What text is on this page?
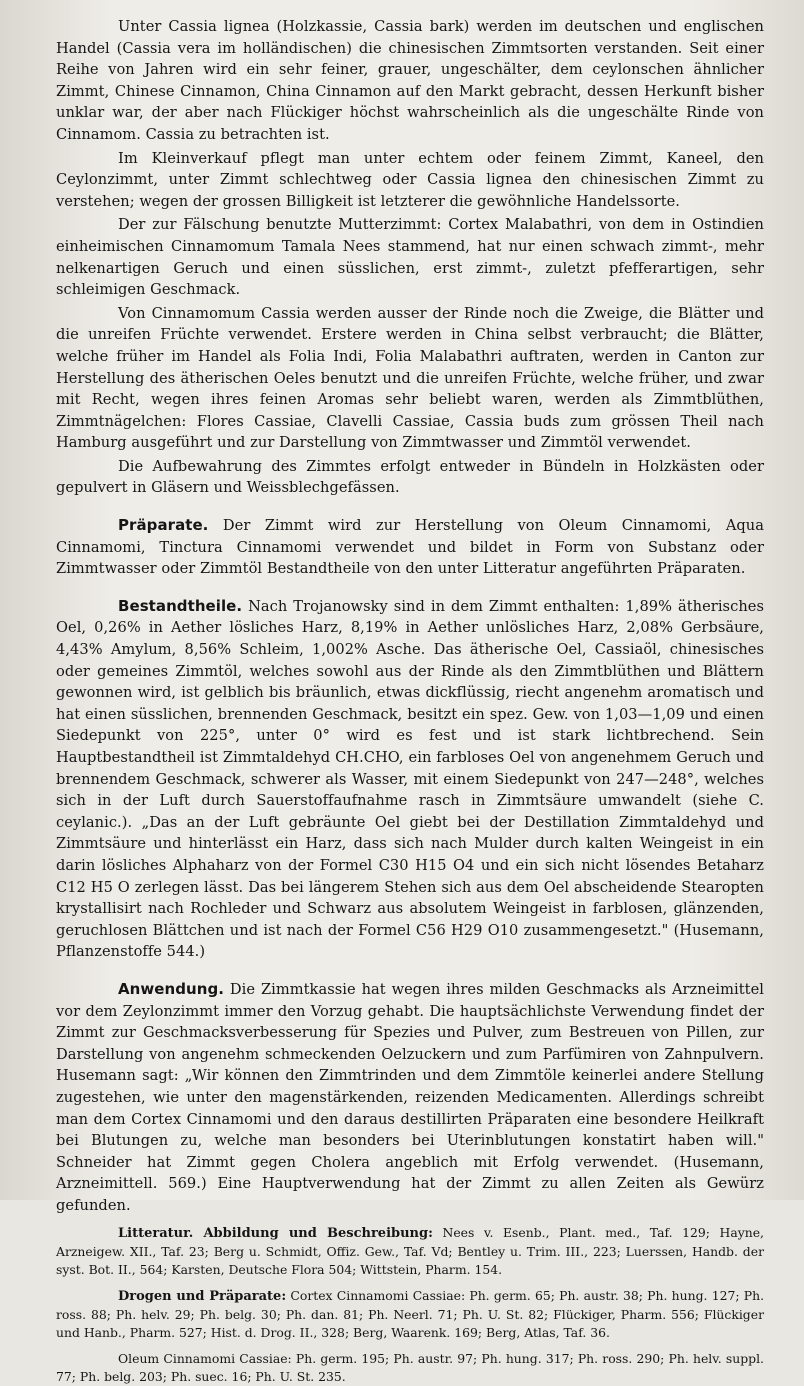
Unter Cassia lignea (Holzkassie, Cassia bark) werden im deutschen und englischen Handel (Cassia vera im holländischen) die chinesischen Zimmtsorten verstanden. Seit einer Reihe von Jahren wird ein sehr feiner, grauer, ungeschälter, dem ceylonschen ähnlicher Zimmt, Chinese Cinnamon, China Cinnamon auf den Markt gebracht, dessen Herkunft bisher unklar war, der aber nach Flückiger höchst wahrscheinlich als die ungeschälte Rinde von Cinnamom. Cassia zu betrachten ist.

Im Kleinverkauf pflegt man unter echtem oder feinem Zimmt, Kaneel, den Ceylonzimmt, unter Zimmt schlechtweg oder Cassia lignea den chinesischen Zimmt zu verstehen; wegen der grossen Billigkeit ist letzterer die gewöhnliche Handelssorte.

Der zur Fälschung benutzte Mutterzimmt: Cortex Malabathri, von dem in Ostindien einheimischen Cinnamomum Tamala Nees stammend, hat nur einen schwach zimmt-, mehr nelkenartigen Geruch und einen süsslichen, erst zimmt-, zuletzt pfefferartigen, sehr schleimigen Geschmack.

Von Cinnamomum Cassia werden ausser der Rinde noch die Zweige, die Blätter und die unreifen Früchte verwendet. Erstere werden in China selbst verbraucht; die Blätter, welche früher im Handel als Folia Indi, Folia Malabathri auftraten, werden in Canton zur Herstellung des ätherischen Oeles benutzt und die unreifen Früchte, welche früher, und zwar mit Recht, wegen ihres feinen Aromas sehr beliebt waren, werden als Zimmtblüthen, Zimmtnägelchen: Flores Cassiae, Clavelli Cassiae, Cassia buds zum grössen Theil nach Hamburg ausgeführt und zur Darstellung von Zimmtwasser und Zimmtöl verwendet.

Die Aufbewahrung des Zimmtes erfolgt entweder in Bündeln in Holzkästen oder gepulvert in Gläsern und Weissblechgefässen.

Präparate. Der Zimmt wird zur Herstellung von Oleum Cinnamomi, Aqua Cinnamomi, Tinctura Cinnamomi verwendet und bildet in Form von Substanz oder Zimmtwasser oder Zimmtöl Bestandtheile von den unter Litteratur angeführten Präparaten.

Bestandtheile. Nach Trojanowsky sind in dem Zimmt enthalten: 1,89% ätherisches Oel, 0,26% in Aether lösliches Harz, 8,19% in Aether unlösliches Harz, 2,08% Gerbsäure, 4,43% Amylum, 8,56% Schleim, 1,002% Asche. Das ätherische Oel, Cassiaöl, chinesisches oder gemeines Zimmtöl, welches sowohl aus der Rinde als den Zimmtblüthen und Blättern gewonnen wird, ist gelblich bis bräunlich, etwas dickflüssig, riecht angenehm aromatisch und hat einen süsslichen, brennenden Geschmack, besitzt ein spez. Gew. von 1,03—1,09 und einen Siedepunkt von 225°, unter 0° wird es fest und ist stark lichtbrechend. Sein Hauptbestandtheil ist Zimmtaldehyd CH.CHO, ein farbloses Oel von angenehmem Geruch und brennendem Geschmack, schwerer als Wasser, mit einem Siedepunkt von 247—248°, welches sich in der Luft durch Sauerstoffaufnahme rasch in Zimmtsäure umwandelt (siehe C. ceylanic.). „Das an der Luft gebräunte Oel giebt bei der Destillation Zimmtaldehyd und Zimmtsäure und hinterlässt ein Harz, dass sich nach Mulder durch kalten Weingeist in ein darin lösliches Alphaharz von der Formel C30 H15 O4 und ein sich nicht lösendes Betaharz C12 H5 O zerlegen lässt. Das bei längerem Stehen sich aus dem Oel abscheidende Stearopten krystallisirt nach Rochleder und Schwarz aus absolutem Weingeist in farblosen, glänzenden, geruchlosen Blättchen und ist nach der Formel C56 H29 O10 zusammengesetzt." (Husemann, Pflanzenstoffe 544.)

Anwendung. Die Zimmtkassie hat wegen ihres milden Geschmacks als Arzneimittel vor dem Zeylonzimmt immer den Vorzug gehabt. Die hauptsächlichste Verwendung findet der Zimmt zur Geschmacksverbesserung für Spezies und Pulver, zum Bestreuen von Pillen, zur Darstellung von angenehm schmeckenden Oelzuckern und zum Parfümiren von Zahnpulvern. Husemann sagt: „Wir können den Zimmtrinden und dem Zimmtöle keinerlei andere Stellung zugestehen, wie unter den magenstärkenden, reizenden Medicamenten. Allerdings schreibt man dem Cortex Cinnamomi und den daraus destillirten Präparaten eine besondere Heilkraft bei Blutungen zu, welche man besonders bei Uterinblutungen konstatirt haben will." Schneider hat Zimmt gegen Cholera angeblich mit Erfolg verwendet. (Husemann, Arzneimittell. 569.) Eine Hauptverwendung hat der Zimmt zu allen Zeiten als Gewürz gefunden.

Litteratur. Abbildung und Beschreibung: Nees v. Esenb., Plant. med., Taf. 129; Hayne, Arzneigew. XII., Taf. 23; Berg u. Schmidt, Offiz. Gew., Taf. Vd; Bentley u. Trim. III., 223; Luerssen, Handb. der syst. Bot. II., 564; Karsten, Deutsche Flora 504; Wittstein, Pharm. 154.

Drogen und Präparate: Cortex Cinnamomi Cassiae: Ph. germ. 65; Ph. austr. 38; Ph. hung. 127; Ph. ross. 88; Ph. helv. 29; Ph. belg. 30; Ph. dan. 81; Ph. Neerl. 71; Ph. U. St. 82; Flückiger, Pharm. 556; Flückiger und Hanb., Pharm. 527; Hist. d. Drog. II., 328; Berg, Waarenk. 169; Berg, Atlas, Taf. 36.

Oleum Cinnamomi Cassiae: Ph. germ. 195; Ph. austr. 97; Ph. hung. 317; Ph. ross. 290; Ph. helv. suppl. 77; Ph. belg. 203; Ph. suec. 16; Ph. U. St. 235.
